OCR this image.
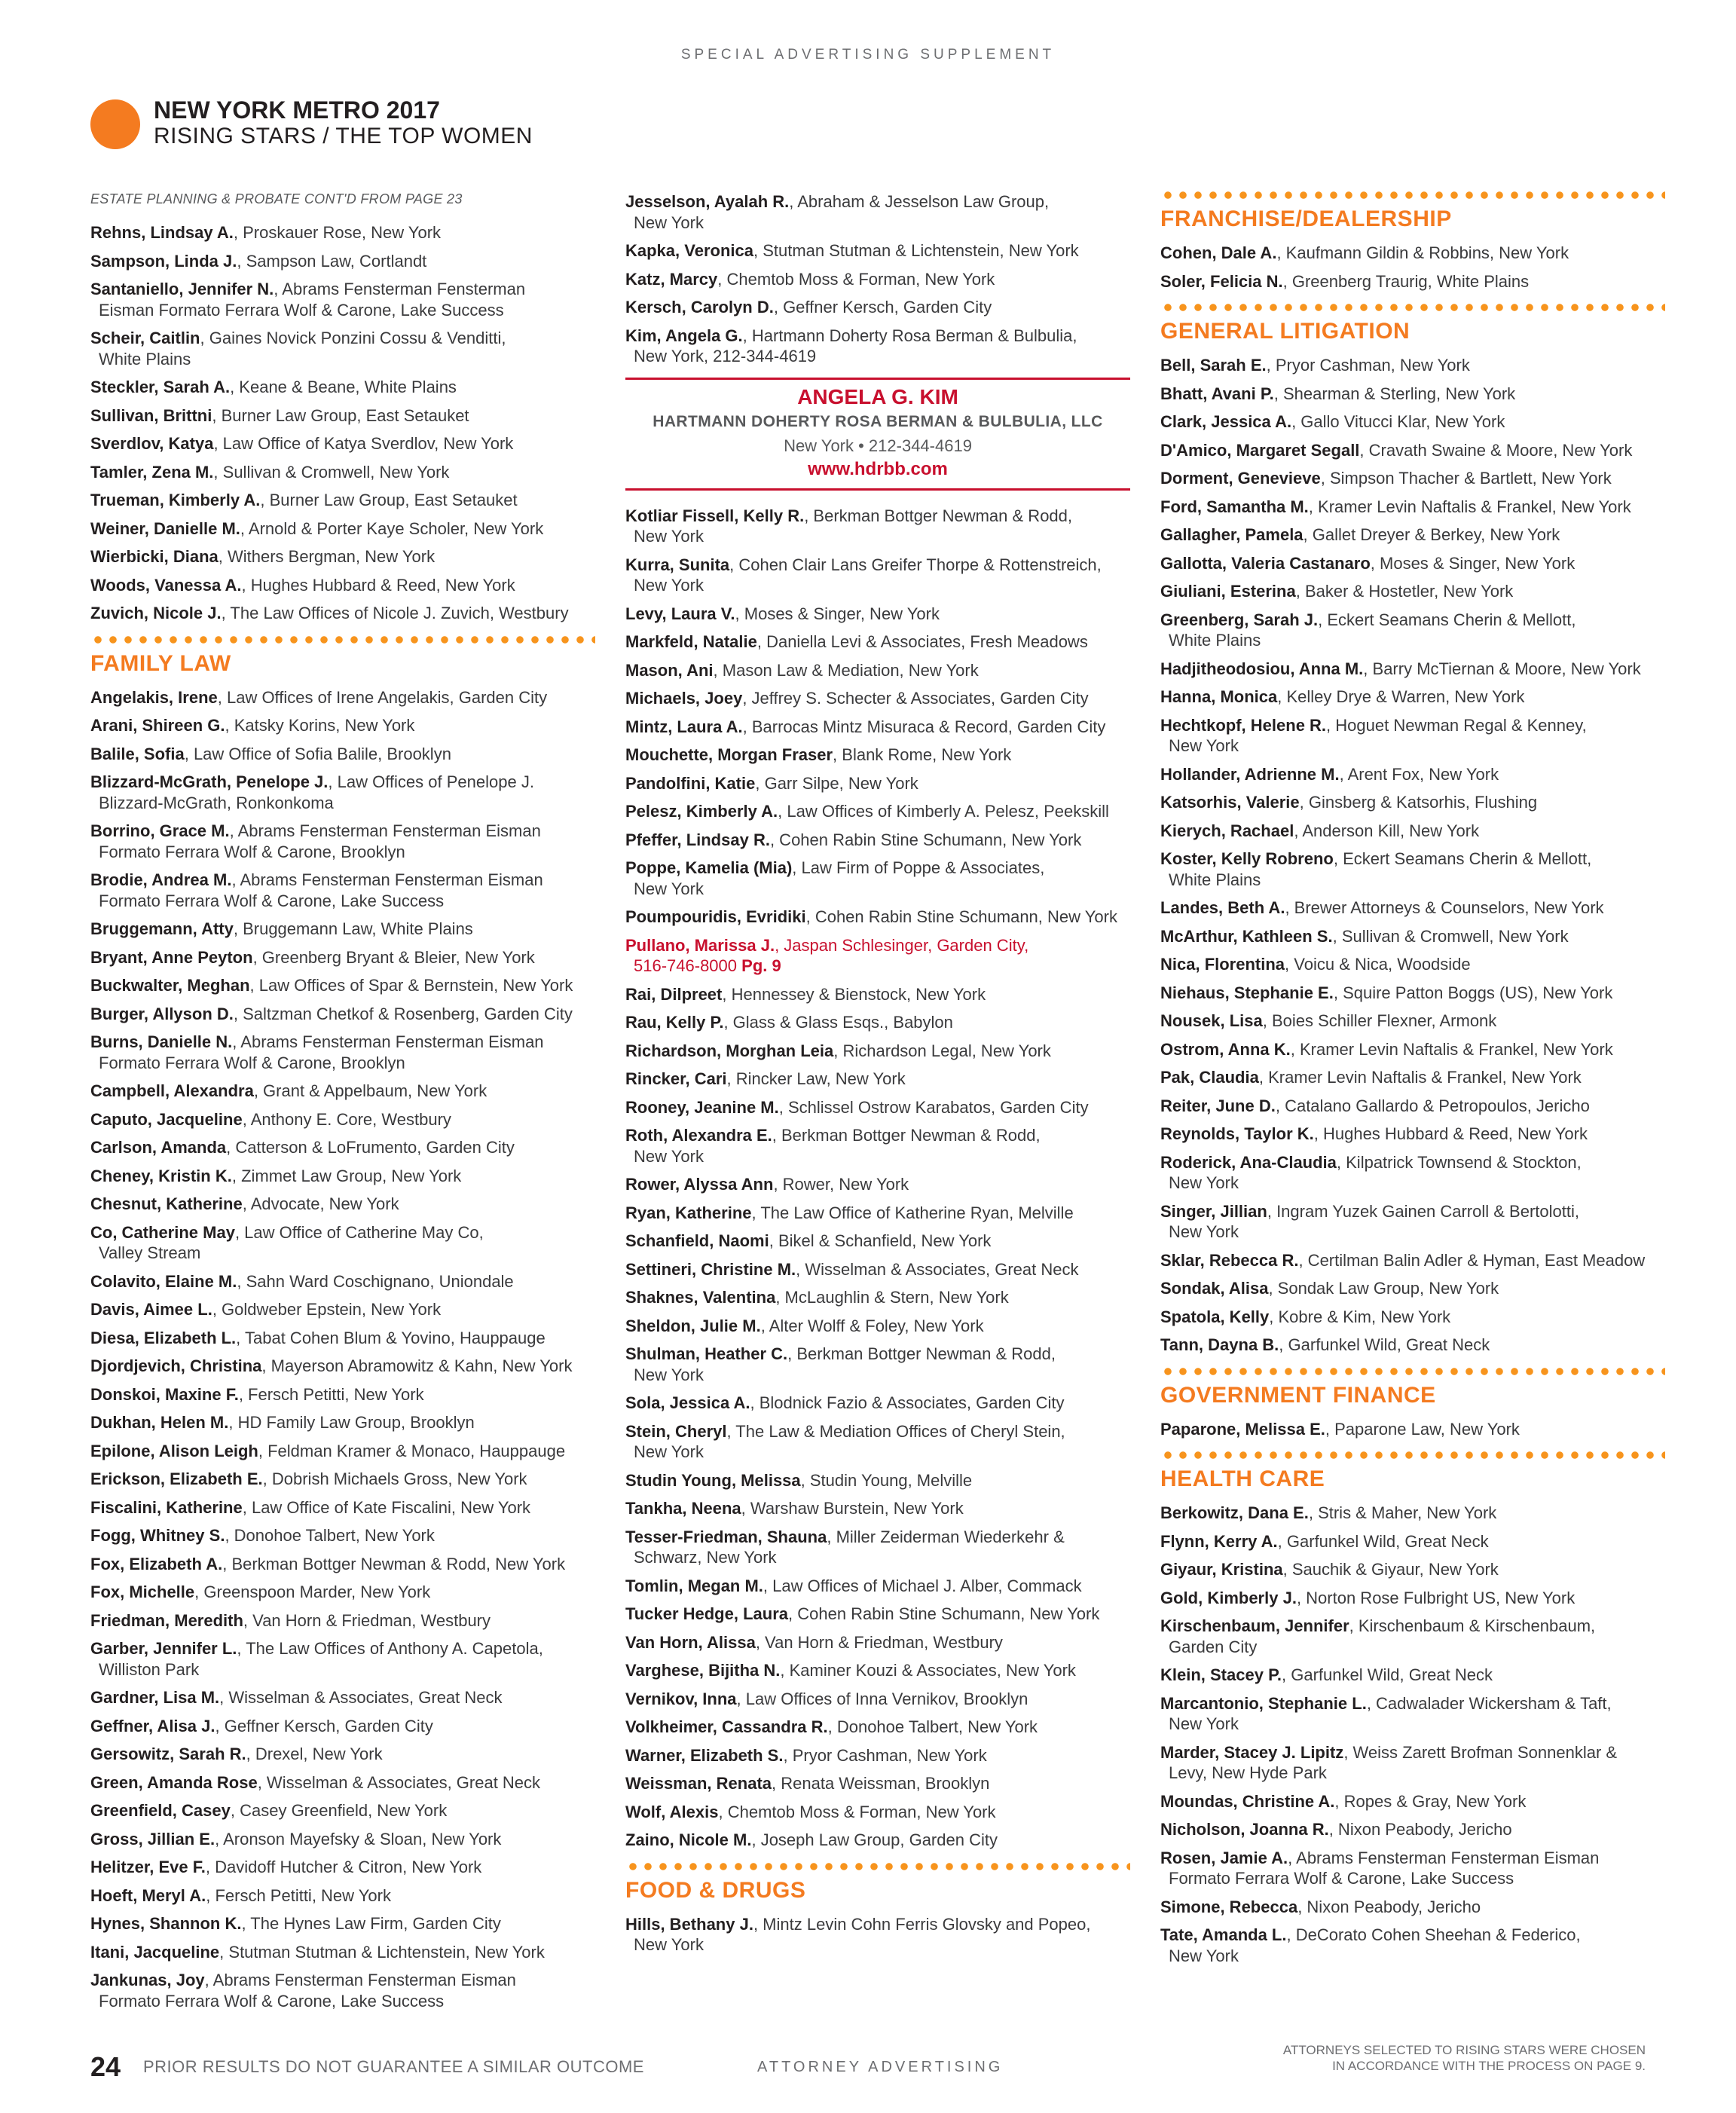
SPECIAL ADVERTISING SUPPLEMENT
NEW YORK METRO 2017
RISING STARS / THE TOP WOMEN
ESTATE PLANNING & PROBATE CONT'D FROM PAGE 23
Rehns, Lindsay A., Proskauer Rose, New York
Sampson, Linda J., Sampson Law, Cortlandt
Santaniello, Jennifer N., Abrams Fensterman Fensterman
Eisman Formato Ferrara Wolf & Carone, Lake Success
Scheir, Caitlin, Gaines Novick Ponzini Cossu & Venditti,
White Plains
Steckler, Sarah A., Keane & Beane, White Plains
Sullivan, Brittni, Burner Law Group, East Setauket
Sverdlov, Katya, Law Office of Katya Sverdlov, New York
Tamler, Zena M., Sullivan & Cromwell, New York
Trueman, Kimberly A., Burner Law Group, East Setauket
Weiner, Danielle M., Arnold & Porter Kaye Scholer, New York
Wierbicki, Diana, Withers Bergman, New York
Woods, Vanessa A., Hughes Hubbard & Reed, New York
Zuvich, Nicole J., The Law Offices of Nicole J. Zuvich, Westbury
FAMILY LAW
Angelakis, Irene, Law Offices of Irene Angelakis, Garden City
Arani, Shireen G., Katsky Korins, New York
Balile, Sofia, Law Office of Sofia Balile, Brooklyn
Blizzard-McGrath, Penelope J., Law Offices of Penelope J.
Blizzard-McGrath, Ronkonkoma
Borrino, Grace M., Abrams Fensterman Fensterman Eisman
Formato Ferrara Wolf & Carone, Brooklyn
Brodie, Andrea M., Abrams Fensterman Fensterman Eisman
Formato Ferrara Wolf & Carone, Lake Success
Bruggemann, Atty, Bruggemann Law, White Plains
Bryant, Anne Peyton, Greenberg Bryant & Bleier, New York
Buckwalter, Meghan, Law Offices of Spar & Bernstein, New York
Burger, Allyson D., Saltzman Chetkof & Rosenberg, Garden City
Burns, Danielle N., Abrams Fensterman Fensterman Eisman
Formato Ferrara Wolf & Carone, Brooklyn
Campbell, Alexandra, Grant & Appelbaum, New York
Caputo, Jacqueline, Anthony E. Core, Westbury
Carlson, Amanda, Catterson & LoFrumento, Garden City
Cheney, Kristin K., Zimmet Law Group, New York
Chesnut, Katherine, Advocate, New York
Co, Catherine May, Law Office of Catherine May Co,
Valley Stream
Colavito, Elaine M., Sahn Ward Coschignano, Uniondale
Davis, Aimee L., Goldweber Epstein, New York
Diesa, Elizabeth L., Tabat Cohen Blum & Yovino, Hauppauge
Djordjevich, Christina, Mayerson Abramowitz & Kahn, New York
Donskoi, Maxine F., Fersch Petitti, New York
Dukhan, Helen M., HD Family Law Group, Brooklyn
Epilone, Alison Leigh, Feldman Kramer & Monaco, Hauppauge
Erickson, Elizabeth E., Dobrish Michaels Gross, New York
Fiscalini, Katherine, Law Office of Kate Fiscalini, New York
Fogg, Whitney S., Donohoe Talbert, New York
Fox, Elizabeth A., Berkman Bottger Newman & Rodd, New York
Fox, Michelle, Greenspoon Marder, New York
Friedman, Meredith, Van Horn & Friedman, Westbury
Garber, Jennifer L., The Law Offices of Anthony A. Capetola,
Williston Park
Gardner, Lisa M., Wisselman & Associates, Great Neck
Geffner, Alisa J., Geffner Kersch, Garden City
Gersowitz, Sarah R., Drexel, New York
Green, Amanda Rose, Wisselman & Associates, Great Neck
Greenfield, Casey, Casey Greenfield, New York
Gross, Jillian E., Aronson Mayefsky & Sloan, New York
Helitzer, Eve F., Davidoff Hutcher & Citron, New York
Hoeft, Meryl A., Fersch Petitti, New York
Hynes, Shannon K., The Hynes Law Firm, Garden City
Itani, Jacqueline, Stutman Stutman & Lichtenstein, New York
Jankunas, Joy, Abrams Fensterman Fensterman Eisman
Formato Ferrara Wolf & Carone, Lake Success
Jesselson, Ayalah R., Abraham & Jesselson Law Group,
New York
Kapka, Veronica, Stutman Stutman & Lichtenstein, New York
Katz, Marcy, Chemtob Moss & Forman, New York
Kersch, Carolyn D., Geffner Kersch, Garden City
Kim, Angela G., Hartmann Doherty Rosa Berman & Bulbulia,
New York, 212-344-4619
ANGELA G. KIM
HARTMANN DOHERTY ROSA BERMAN & BULBULIA, LLC
New York • 212-344-4619
www.hdrbb.com
Kotliar Fissell, Kelly R., Berkman Bottger Newman & Rodd,
New York
Kurra, Sunita, Cohen Clair Lans Greifer Thorpe & Rottenstreich,
New York
Levy, Laura V., Moses & Singer, New York
Markfeld, Natalie, Daniella Levi & Associates, Fresh Meadows
Mason, Ani, Mason Law & Mediation, New York
Michaels, Joey, Jeffrey S. Schecter & Associates, Garden City
Mintz, Laura A., Barrocas Mintz Misuraca & Record, Garden City
Mouchette, Morgan Fraser, Blank Rome, New York
Pandolfini, Katie, Garr Silpe, New York
Pelesz, Kimberly A., Law Offices of Kimberly A. Pelesz, Peekskill
Pfeffer, Lindsay R., Cohen Rabin Stine Schumann, New York
Poppe, Kamelia (Mia), Law Firm of Poppe & Associates,
New York
Poumpouridis, Evridiki, Cohen Rabin Stine Schumann, New York
Pullano, Marissa J., Jaspan Schlesinger, Garden City,
516-746-8000 Pg. 9
Rai, Dilpreet, Hennessey & Bienstock, New York
Rau, Kelly P., Glass & Glass Esqs., Babylon
Richardson, Morghan Leia, Richardson Legal, New York
Rincker, Cari, Rincker Law, New York
Rooney, Jeanine M., Schlissel Ostrow Karabatos, Garden City
Roth, Alexandra E., Berkman Bottger Newman & Rodd,
New York
Rower, Alyssa Ann, Rower, New York
Ryan, Katherine, The Law Office of Katherine Ryan, Melville
Schanfield, Naomi, Bikel & Schanfield, New York
Settineri, Christine M., Wisselman & Associates, Great Neck
Shaknes, Valentina, McLaughlin & Stern, New York
Sheldon, Julie M., Alter Wolff & Foley, New York
Shulman, Heather C., Berkman Bottger Newman & Rodd,
New York
Sola, Jessica A., Blodnick Fazio & Associates, Garden City
Stein, Cheryl, The Law & Mediation Offices of Cheryl Stein,
New York
Studin Young, Melissa, Studin Young, Melville
Tankha, Neena, Warshaw Burstein, New York
Tesser-Friedman, Shauna, Miller Zeiderman Wiederkehr &
Schwarz, New York
Tomlin, Megan M., Law Offices of Michael J. Alber, Commack
Tucker Hedge, Laura, Cohen Rabin Stine Schumann, New York
Van Horn, Alissa, Van Horn & Friedman, Westbury
Varghese, Bijitha N., Kaminer Kouzi & Associates, New York
Vernikov, Inna, Law Offices of Inna Vernikov, Brooklyn
Volkheimer, Cassandra R., Donohoe Talbert, New York
Warner, Elizabeth S., Pryor Cashman, New York
Weissman, Renata, Renata Weissman, Brooklyn
Wolf, Alexis, Chemtob Moss & Forman, New York
Zaino, Nicole M., Joseph Law Group, Garden City
FOOD & DRUGS
Hills, Bethany J., Mintz Levin Cohn Ferris Glovsky and Popeo,
New York
FRANCHISE/DEALERSHIP
Cohen, Dale A., Kaufmann Gildin & Robbins, New York
Soler, Felicia N., Greenberg Traurig, White Plains
GENERAL LITIGATION
Bell, Sarah E., Pryor Cashman, New York
Bhatt, Avani P., Shearman & Sterling, New York
Clark, Jessica A., Gallo Vitucci Klar, New York
D'Amico, Margaret Segall, Cravath Swaine & Moore, New York
Dorment, Genevieve, Simpson Thacher & Bartlett, New York
Ford, Samantha M., Kramer Levin Naftalis & Frankel, New York
Gallagher, Pamela, Gallet Dreyer & Berkey, New York
Gallotta, Valeria Castanaro, Moses & Singer, New York
Giuliani, Esterina, Baker & Hostetler, New York
Greenberg, Sarah J., Eckert Seamans Cherin & Mellott,
White Plains
Hadjitheodosiou, Anna M., Barry McTiernan & Moore, New York
Hanna, Monica, Kelley Drye & Warren, New York
Hechtkopf, Helene R., Hoguet Newman Regal & Kenney,
New York
Hollander, Adrienne M., Arent Fox, New York
Katsorhis, Valerie, Ginsberg & Katsorhis, Flushing
Kierych, Rachael, Anderson Kill, New York
Koster, Kelly Robreno, Eckert Seamans Cherin & Mellott,
White Plains
Landes, Beth A., Brewer Attorneys & Counselors, New York
McArthur, Kathleen S., Sullivan & Cromwell, New York
Nica, Florentina, Voicu & Nica, Woodside
Niehaus, Stephanie E., Squire Patton Boggs (US), New York
Nousek, Lisa, Boies Schiller Flexner, Armonk
Ostrom, Anna K., Kramer Levin Naftalis & Frankel, New York
Pak, Claudia, Kramer Levin Naftalis & Frankel, New York
Reiter, June D., Catalano Gallardo & Petropoulos, Jericho
Reynolds, Taylor K., Hughes Hubbard & Reed, New York
Roderick, Ana-Claudia, Kilpatrick Townsend & Stockton,
New York
Singer, Jillian, Ingram Yuzek Gainen Carroll & Bertolotti,
New York
Sklar, Rebecca R., Certilman Balin Adler & Hyman, East Meadow
Sondak, Alisa, Sondak Law Group, New York
Spatola, Kelly, Kobre & Kim, New York
Tann, Dayna B., Garfunkel Wild, Great Neck
GOVERNMENT FINANCE
Paparone, Melissa E., Paparone Law, New York
HEALTH CARE
Berkowitz, Dana E., Stris & Maher, New York
Flynn, Kerry A., Garfunkel Wild, Great Neck
Giyaur, Kristina, Sauchik & Giyaur, New York
Gold, Kimberly J., Norton Rose Fulbright US, New York
Kirschenbaum, Jennifer, Kirschenbaum & Kirschenbaum,
Garden City
Klein, Stacey P., Garfunkel Wild, Great Neck
Marcantonio, Stephanie L., Cadwalader Wickersham & Taft,
New York
Marder, Stacey J. Lipitz, Weiss Zarett Brofman Sonnenklar &
Levy, New Hyde Park
Moundas, Christine A., Ropes & Gray, New York
Nicholson, Joanna R., Nixon Peabody, Jericho
Rosen, Jamie A., Abrams Fensterman Fensterman Eisman
Formato Ferrara Wolf & Carone, Lake Success
Simone, Rebecca, Nixon Peabody, Jericho
Tate, Amanda L., DeCorato Cohen Sheehan & Federico,
New York
24 PRIOR RESULTS DO NOT GUARANTEE A SIMILAR OUTCOME	ATTORNEY ADVERTISING
ATTORNEYS SELECTED TO RISING STARS WERE CHOSEN
IN ACCORDANCE WITH THE PROCESS ON PAGE 9.
